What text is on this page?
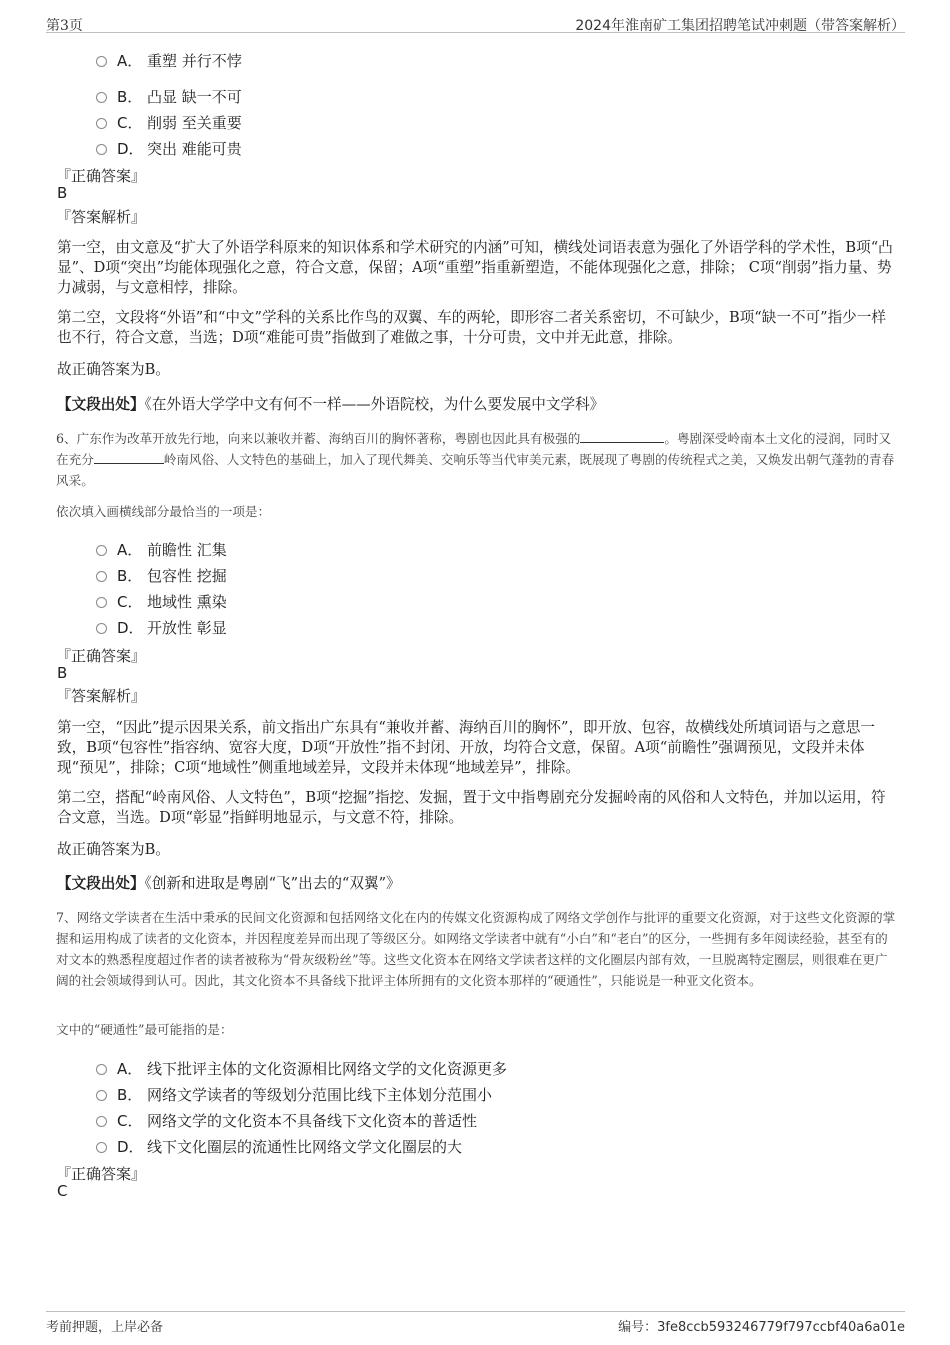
第3页	2024年淮南矿工集团招聘笔试冲刺题（带答案解析）
A． 重塑 并行不悖
B． 凸显 缺一不可
C． 削弱 至关重要
D． 突出 难能可贵
『正确答案』
B
『答案解析』
第一空，由文意及“扩大了外语学科原来的知识体系和学术研究的内涵”可知，横线处词语表意为强化了外语学科的学术性，B项“凸显”、D项“突出”均能体现强化之意，符合文意，保留；A项“重塑”指重新塑造，不能体现强化之意，排除； C项“削弱”指力量、势力减弱，与文意相悖，排除。
第二空，文段将“外语”和“中文”学科的关系比作鸟的双翼、车的两轮，即形容二者关系密切，不可缺少，B项“缺一不可”指少一样也不行，符合文意，当选；D项“难能可贵”指做到了难做之事，十分可贵，文中并无此意，排除。
故正确答案为B。
【文段出处】《在外语大学学中文有何不一样——外语院校，为什么要发展中文学科》
6、广东作为改革开放先行地，向来以兼收并蓄、海纳百川的胸怀著称，粤剧也因此具有极强的	。粤剧深受岭南本土文化的浸润，同时又在充分	岭南风俗、人文特色的基础上，加入了现代舞美、交响乐等当代审美元素，既展现了粤剧的传统程式之美，又焕发出朝气蓬勃的青春风采。
依次填入画横线部分最恰当的一项是：
A． 前瞻性 汇集
B． 包容性 挖掘
C． 地域性 熏染
D． 开放性 彰显
『正确答案』
B
『答案解析』
第一空，“因此”提示因果关系，前文指出广东具有“兼收并蓄、海纳百川的胸怀”，即开放、包容，故横线处所填词语与之意思一致，B项“包容性”指容纳、宽容大度，D项“开放性”指不封闭、开放，均符合文意，保留。A项“前瞻性”强调预见，文段并未体现“预见”，排除；C项“地域性”侧重地域差异，文段并未体现“地域差异”，排除。
第二空，搭配“岭南风俗、人文特色”，B项“挖掘”指挖、发掘，置于文中指粤剧充分发掘岭南的风俗和人文特色，并加以运用，符合文意，当选。D项“彰显”指鲜明地显示，与文意不符，排除。
故正确答案为B。
【文段出处】《创新和进取是粤剧“飞”出去的“双翼”》
7、网络文学读者在生活中秉承的民间文化资源和包括网络文化在内的传媒文化资源构成了网络文学创作与批评的重要文化资源，对于这些文化资源的掌握和运用构成了读者的文化资本，并因程度差异而出现了等级区分。如网络文学读者中就有“小白”和“老白”的区分，一些拥有多年阅读经验，甚至有的对文本的熟悉程度超过作者的读者被称为“骨灰级粉丝”等。这些文化资本在网络文学读者这样的文化圈层内部有效，一旦脱离特定圈层，则很难在更广阔的社会领域得到认可。因此，其文化资本不具备线下批评主体所拥有的文化资本那样的“硬通性”，只能说是一种亚文化资本。
文中的“硬通性”最可能指的是：
A． 线下批评主体的文化资源相比网络文学的文化资源更多
B． 网络文学读者的等级划分范围比线下主体划分范围小
C． 网络文学的文化资本不具备线下文化资本的普适性
D． 线下文化圈层的流通性比网络文学文化圈层的大
『正确答案』
C
考前押题，上岸必备	编号：3fe8ccb593246779f797ccbf40a6a01e
